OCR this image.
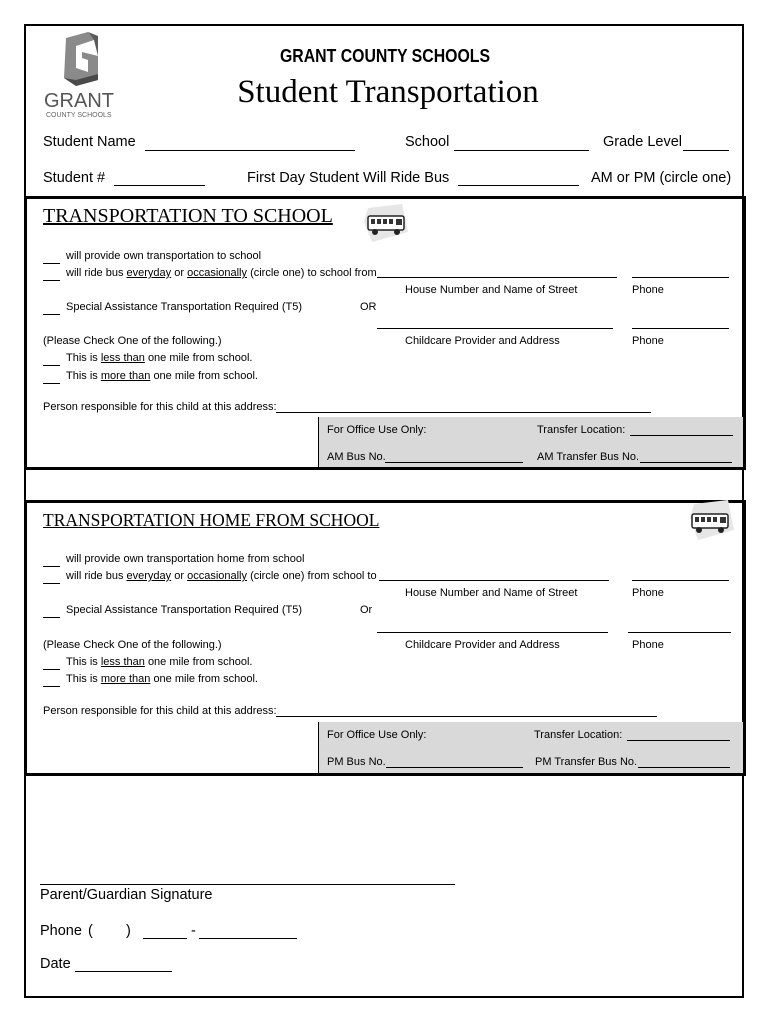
GRANT
COUNTY SCHOOLS
GRANT COUNTY SCHOOLS
Student Transportation
Student Name	School	Grade Level
Student #	First Day Student Will Ride Bus	AM or PM (circle one)
TRANSPORTATION TO SCHOOL
will provide own transportation to school
will ride bus everyday or occasionally (circle one) to school from
House Number and Name of Street	Phone
Special Assistance Transportation Required (T5)	OR
(Please Check One of the following.)	Childcare Provider and Address	Phone
This is less than one mile from school.
This is more than one mile from school.
Person responsible for this child at this address:
For Office Use Only:	Transfer Location:
AM Bus No.	AM Transfer Bus No.
TRANSPORTATION HOME FROM SCHOOL
will provide own transportation home from school
will ride bus everyday or occasionally (circle one) from school to
House Number and Name of Street	Phone
Special Assistance Transportation Required (T5)	Or
(Please Check One of the following.)	Childcare Provider and Address	Phone
This is less than one mile from school.
This is more than one mile from school.
Person responsible for this child at this address:
For Office Use Only:	Transfer Location:
PM Bus No.	PM Transfer Bus No.
Parent/Guardian Signature
Phone ( )	-
Date
